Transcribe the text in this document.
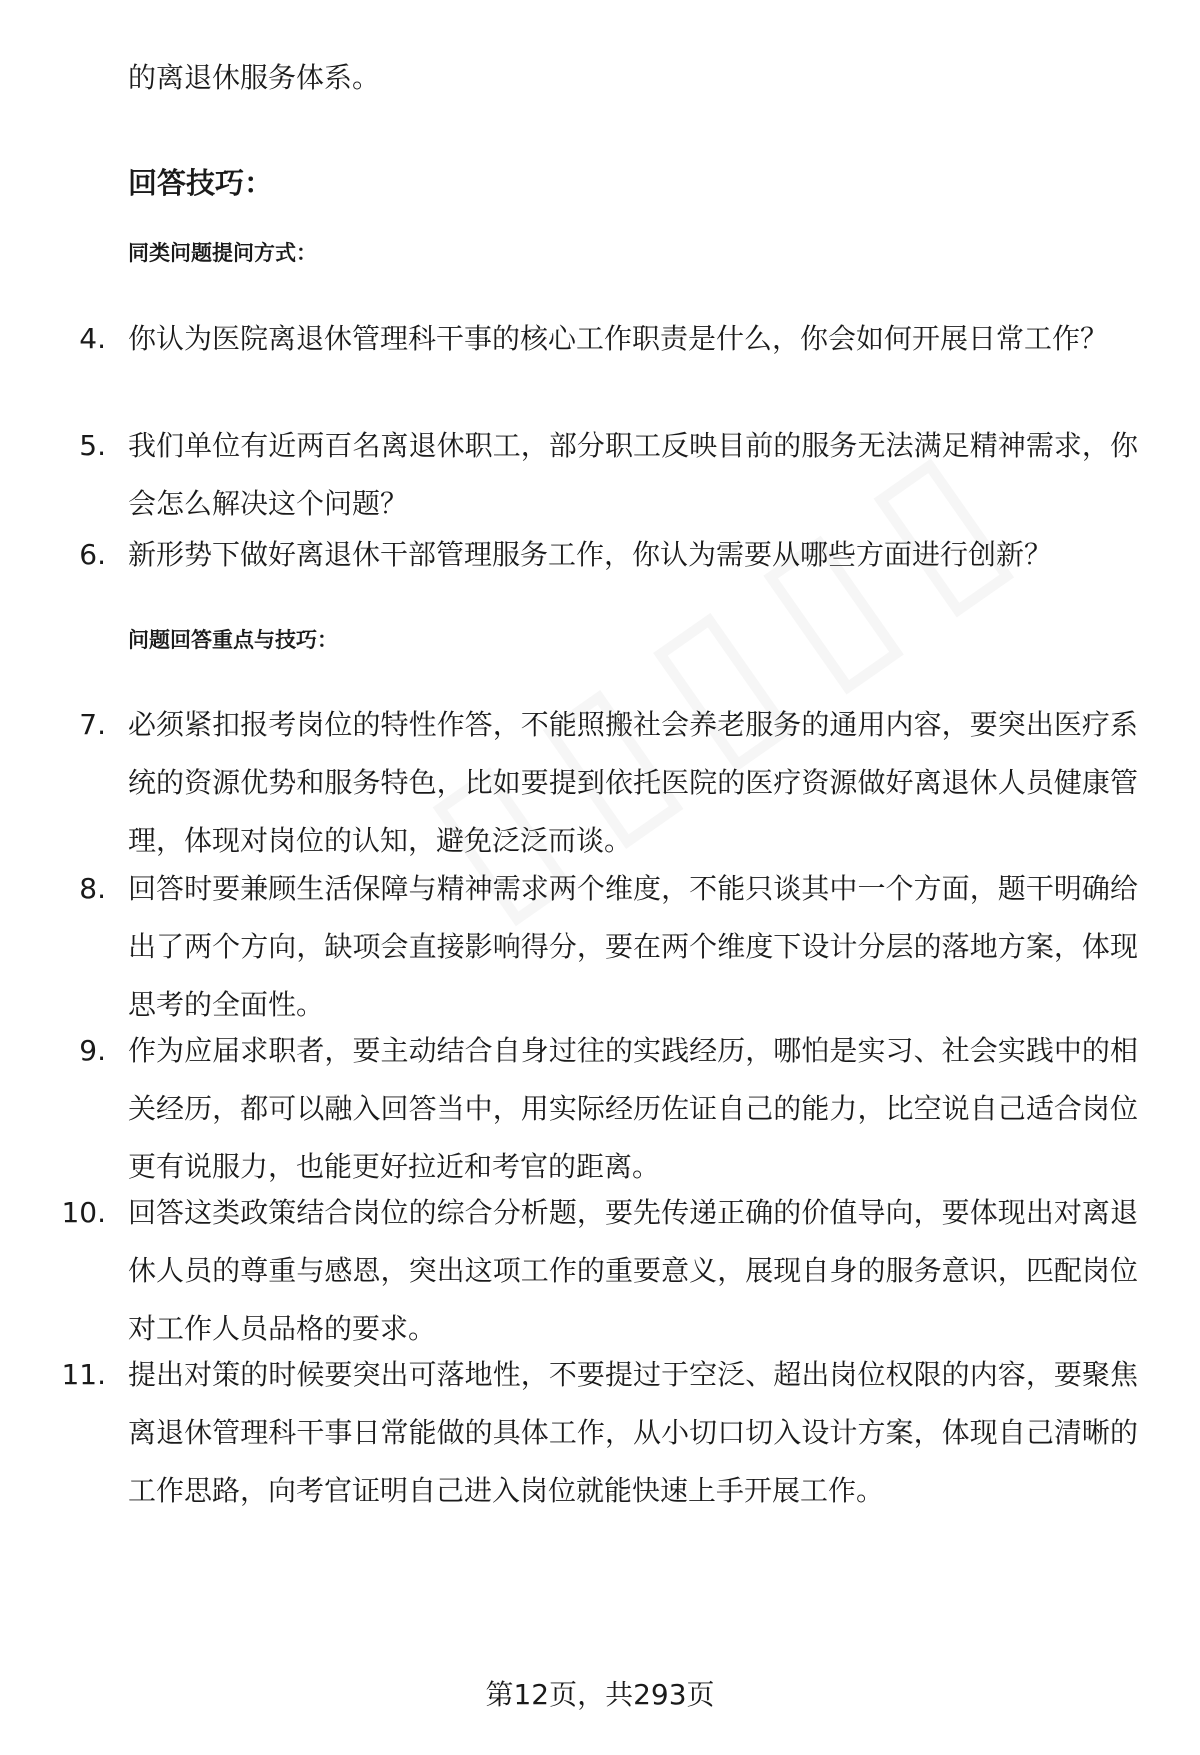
的离退休服务体系。
回答技巧：
同类问题提问方式：
4. 你认为医院离退休管理科干事的核心工作职责是什么，你会如何开展日常工作？
5. 我们单位有近两百名离退休职工，部分职工反映目前的服务无法满足精神需求，你会怎么解决这个问题？
6. 新形势下做好离退休干部管理服务工作，你认为需要从哪些方面进行创新？
问题回答重点与技巧：
7. 必须紧扣报考岗位的特性作答，不能照搬社会养老服务的通用内容，要突出医疗系统的资源优势和服务特色，比如要提到依托医院的医疗资源做好离退休人员健康管理，体现对岗位的认知，避免泛泛而谈。
8. 回答时要兼顾生活保障与精神需求两个维度，不能只谈其中一个方面，题干明确给出了两个方向，缺项会直接影响得分，要在两个维度下设计分层的落地方案，体现思考的全面性。
9. 作为应届求职者，要主动结合自身过往的实践经历，哪怕是实习、社会实践中的相关经历，都可以融入回答当中，用实际经历佐证自己的能力，比空说自己适合岗位更有说服力，也能更好拉近和考官的距离。
10. 回答这类政策结合岗位的综合分析题，要先传递正确的价值导向，要体现出对离退休人员的尊重与感恩，突出这项工作的重要意义，展现自身的服务意识，匹配岗位对工作人员品格的要求。
11. 提出对策的时候要突出可落地性，不要提过于空泛、超出岗位权限的内容，要聚焦离退休管理科干事日常能做的具体工作，从小切口切入设计方案，体现自己清晰的工作思路，向考官证明自己进入岗位就能快速上手开展工作。
第12页，共293页
